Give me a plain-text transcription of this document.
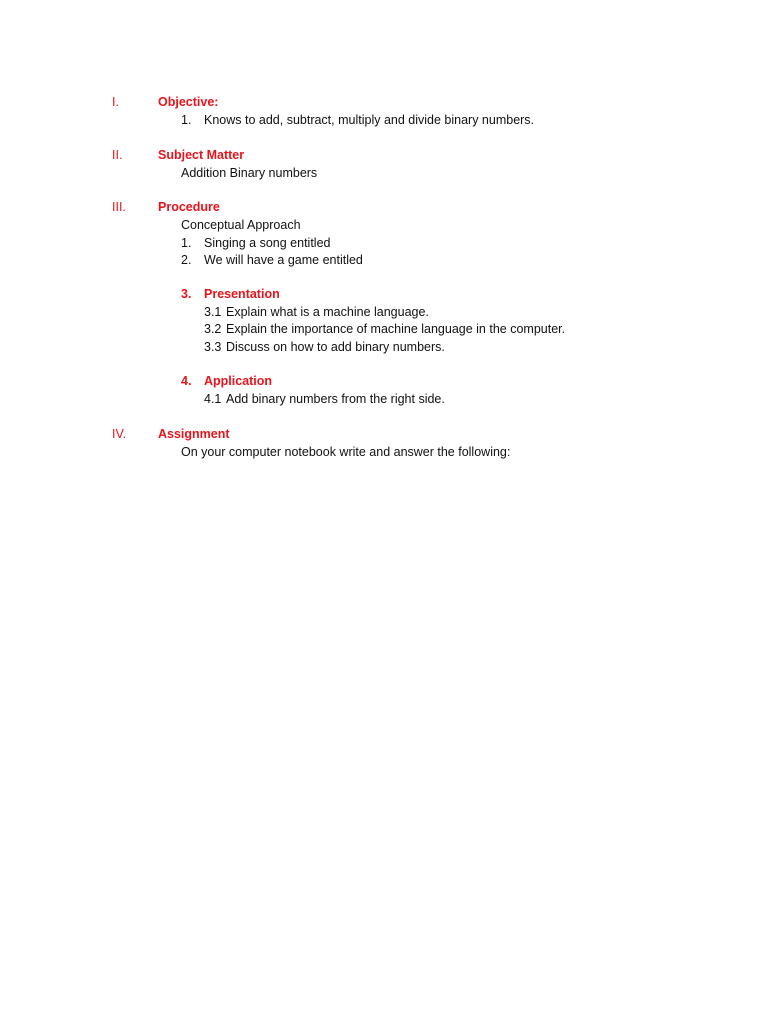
I.	Objective:
1. Knows to add, subtract, multiply and divide binary numbers.
II.	Subject Matter
Addition Binary numbers
III.	Procedure
Conceptual Approach
1. Singing a song entitled
2. We will have a game entitled
3. Presentation
3.1 Explain what is a machine language.
3.2 Explain the importance of machine language in the computer.
3.3 Discuss on how to add binary numbers.
4. Application
4.1 Add binary numbers from the right side.
IV.	Assignment
On your computer notebook write and answer the following:
